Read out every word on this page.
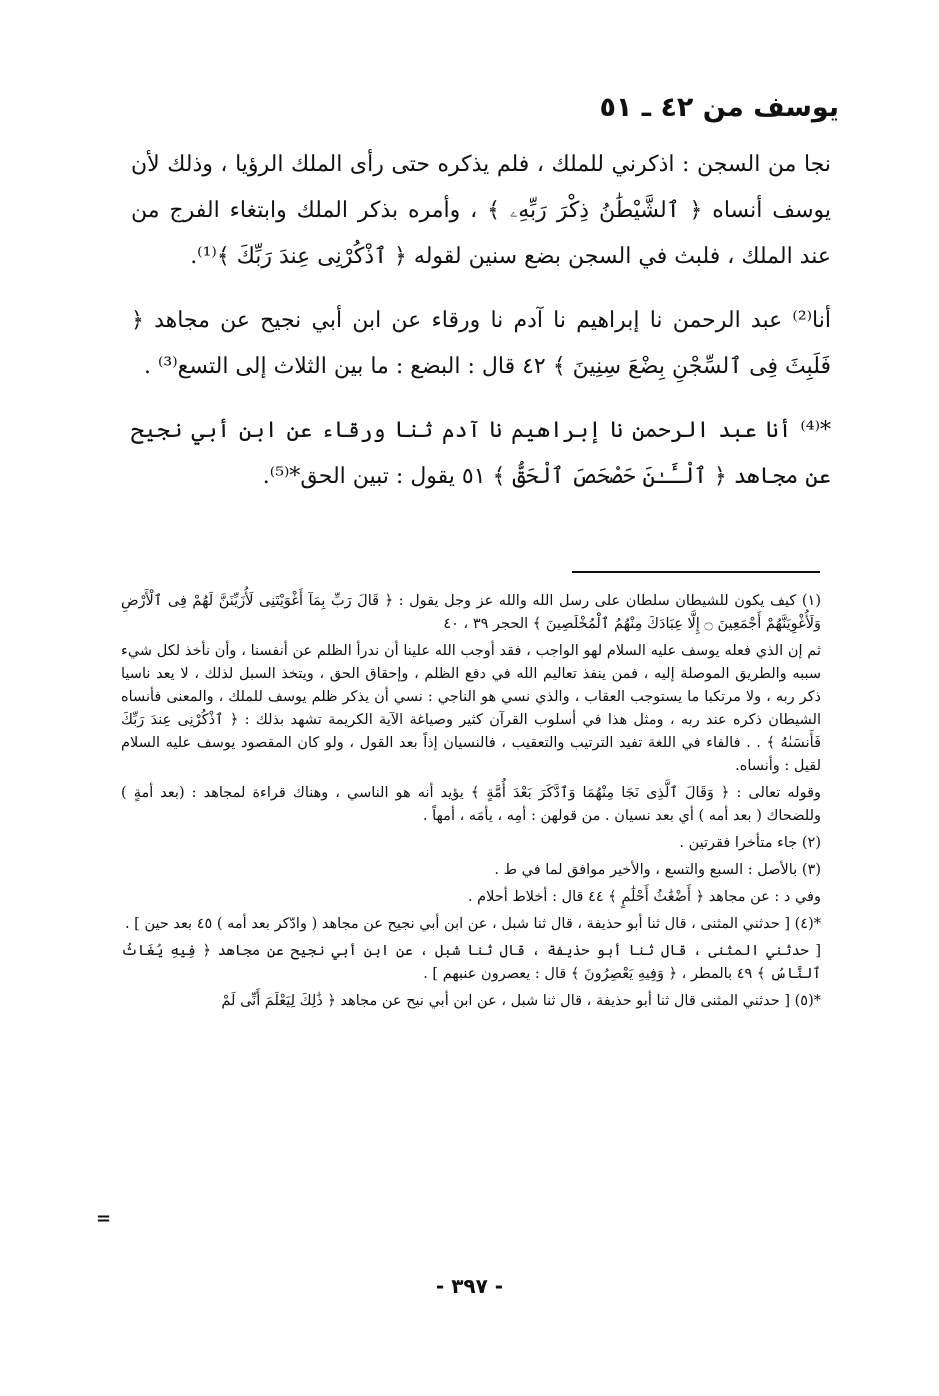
يوسف من ٤٢ ـ ٥١

نجا من السجن : اذكرني للملك ، فلم يذكره حتى رأى الملك الرؤيا ، وذلك لأن يوسف أنساه ﴿ ٱلشَّيْطَٰنُ ذِكْرَ رَبِّهِۦ ﴾ ، وأمره بذكر الملك وابتغاء الفرج من عند الملك ، فلبث في السجن بضع سنين لقوله ﴿ ٱذْكُرْنِى عِندَ رَبِّكَ ﴾⁽¹⁾.

أنا⁽²⁾ عبد الرحمن نا إبراهيم نا آدم نا ورقاء عن ابن أبي نجيح عن مجاهد ﴿ فَلَبِثَ فِى ٱلسِّجْنِ بِضْعَ سِنِينَ ﴾ ٤٢ قال : البضع : ما بين الثلاث إلى التسع⁽³⁾ .

*⁽⁴⁾ أنا عبد الرحمن نا إبراهيم نا آدم ثنا ورقاء عن ابن أبي نجيح عن مجاهد ﴿ ٱلْـَٔـٰنَ حَصْحَصَ ٱلْحَقُّ ﴾ ٥١ يقول : تبين الحق*⁽⁵⁾.

(١) كيف يكون للشيطان سلطان على رسل الله والله عز وجل يقول : ﴿ قَالَ رَبِّ بِمَآ أَغْوَيْتَنِى لَأُزَيِّنَنَّ لَهُمْ فِى ٱلْأَرْضِ وَلَأُغْوِيَنَّهُمْ أَجْمَعِينَ ۝ إِلَّا عِبَادَكَ مِنْهُمُ ٱلْمُخْلَصِينَ ﴾ الحجر ٣٩ ، ٤٠

ثم إن الذي فعله يوسف عليه السلام لهو الواجب ، فقد أوجب الله علينا أن ندرأ الظلم عن أنفسنا ، وأن نأخذ لكل شيء سببه والطريق الموصلة إليه ، فمن ينفذ تعاليم الله في دفع الظلم ، وإحقاق الحق ، ويتخذ السبل لذلك ، لا يعد ناسيا ذكر ربه ، ولا مرتكبا ما يستوجب العقاب ، والذي نسي هو الناجي : نسي أن يذكر ظلم يوسف للملك ، والمعنى فأنساه الشيطان ذكره عند ربه ، ومثل هذا في أسلوب القرآن كثير وصياغة الآية الكريمة تشهد بذلك : ﴿ ٱذْكُرْنِى عِندَ رَبِّكَ فَأَنسَىٰهُ ﴾ . . فالفاء في اللغة تفيد الترتيب والتعقيب ، فالنسيان إذاً بعد القول ، ولو كان المقصود يوسف عليه السلام لقيل : وأنساه.

وقوله تعالى : ﴿ وَقَالَ ٱلَّذِى نَجَا مِنْهُمَا وَٱدَّكَرَ بَعْدَ أُمَّةٍ ﴾ يؤيد أنه هو الناسي ، وهناك قراءة لمجاهد : (بعد أمةٍ ) وللضحاك ( بعد أمه ) أي بعد نسيان . من قولهن : أمِه ، يأمَه ، أمهاً .

(٢) جاء متأخرا فقرتين .

(٣) بالأصل : السبع والتسع ، والأخير موافق لما في ط .

وفي د : عن مجاهد ﴿ أَضْغَٰثُ أَحْلَٰمٍ ﴾ ٤٤ قال : أخلاط أحلام .

*(٤) [ حدثني المثنى ، قال ثنا أبو حذيفة ، قال ثنا شبل ، عن ابن أبي نجيح عن مجاهد ( وادّكر بعد أمه ) ٤٥ بعد حين ] .

[ حدثني المثنى ، قال ثنا أبو حذيفة ، قال ثنا شبل ، عن ابن أبي نجيح عن مجاهد ﴿ فِيهِ يُغَاثُ ٱلنَّاسُ ﴾ ٤٩ بالمطر ، ﴿ وَفِيهِ يَعْصِرُونَ ﴾ قال : يعصرون عنبهم ] .

*(٥) [ حدثني المثنى قال ثنا أبو حذيفة ، قال ثنا شبل ، عن ابن أبي نيح عن مجاهد ﴿ ذَٰلِكَ لِيَعْلَمَ أَنِّى لَمْ

=
- ٣٩٧ -
